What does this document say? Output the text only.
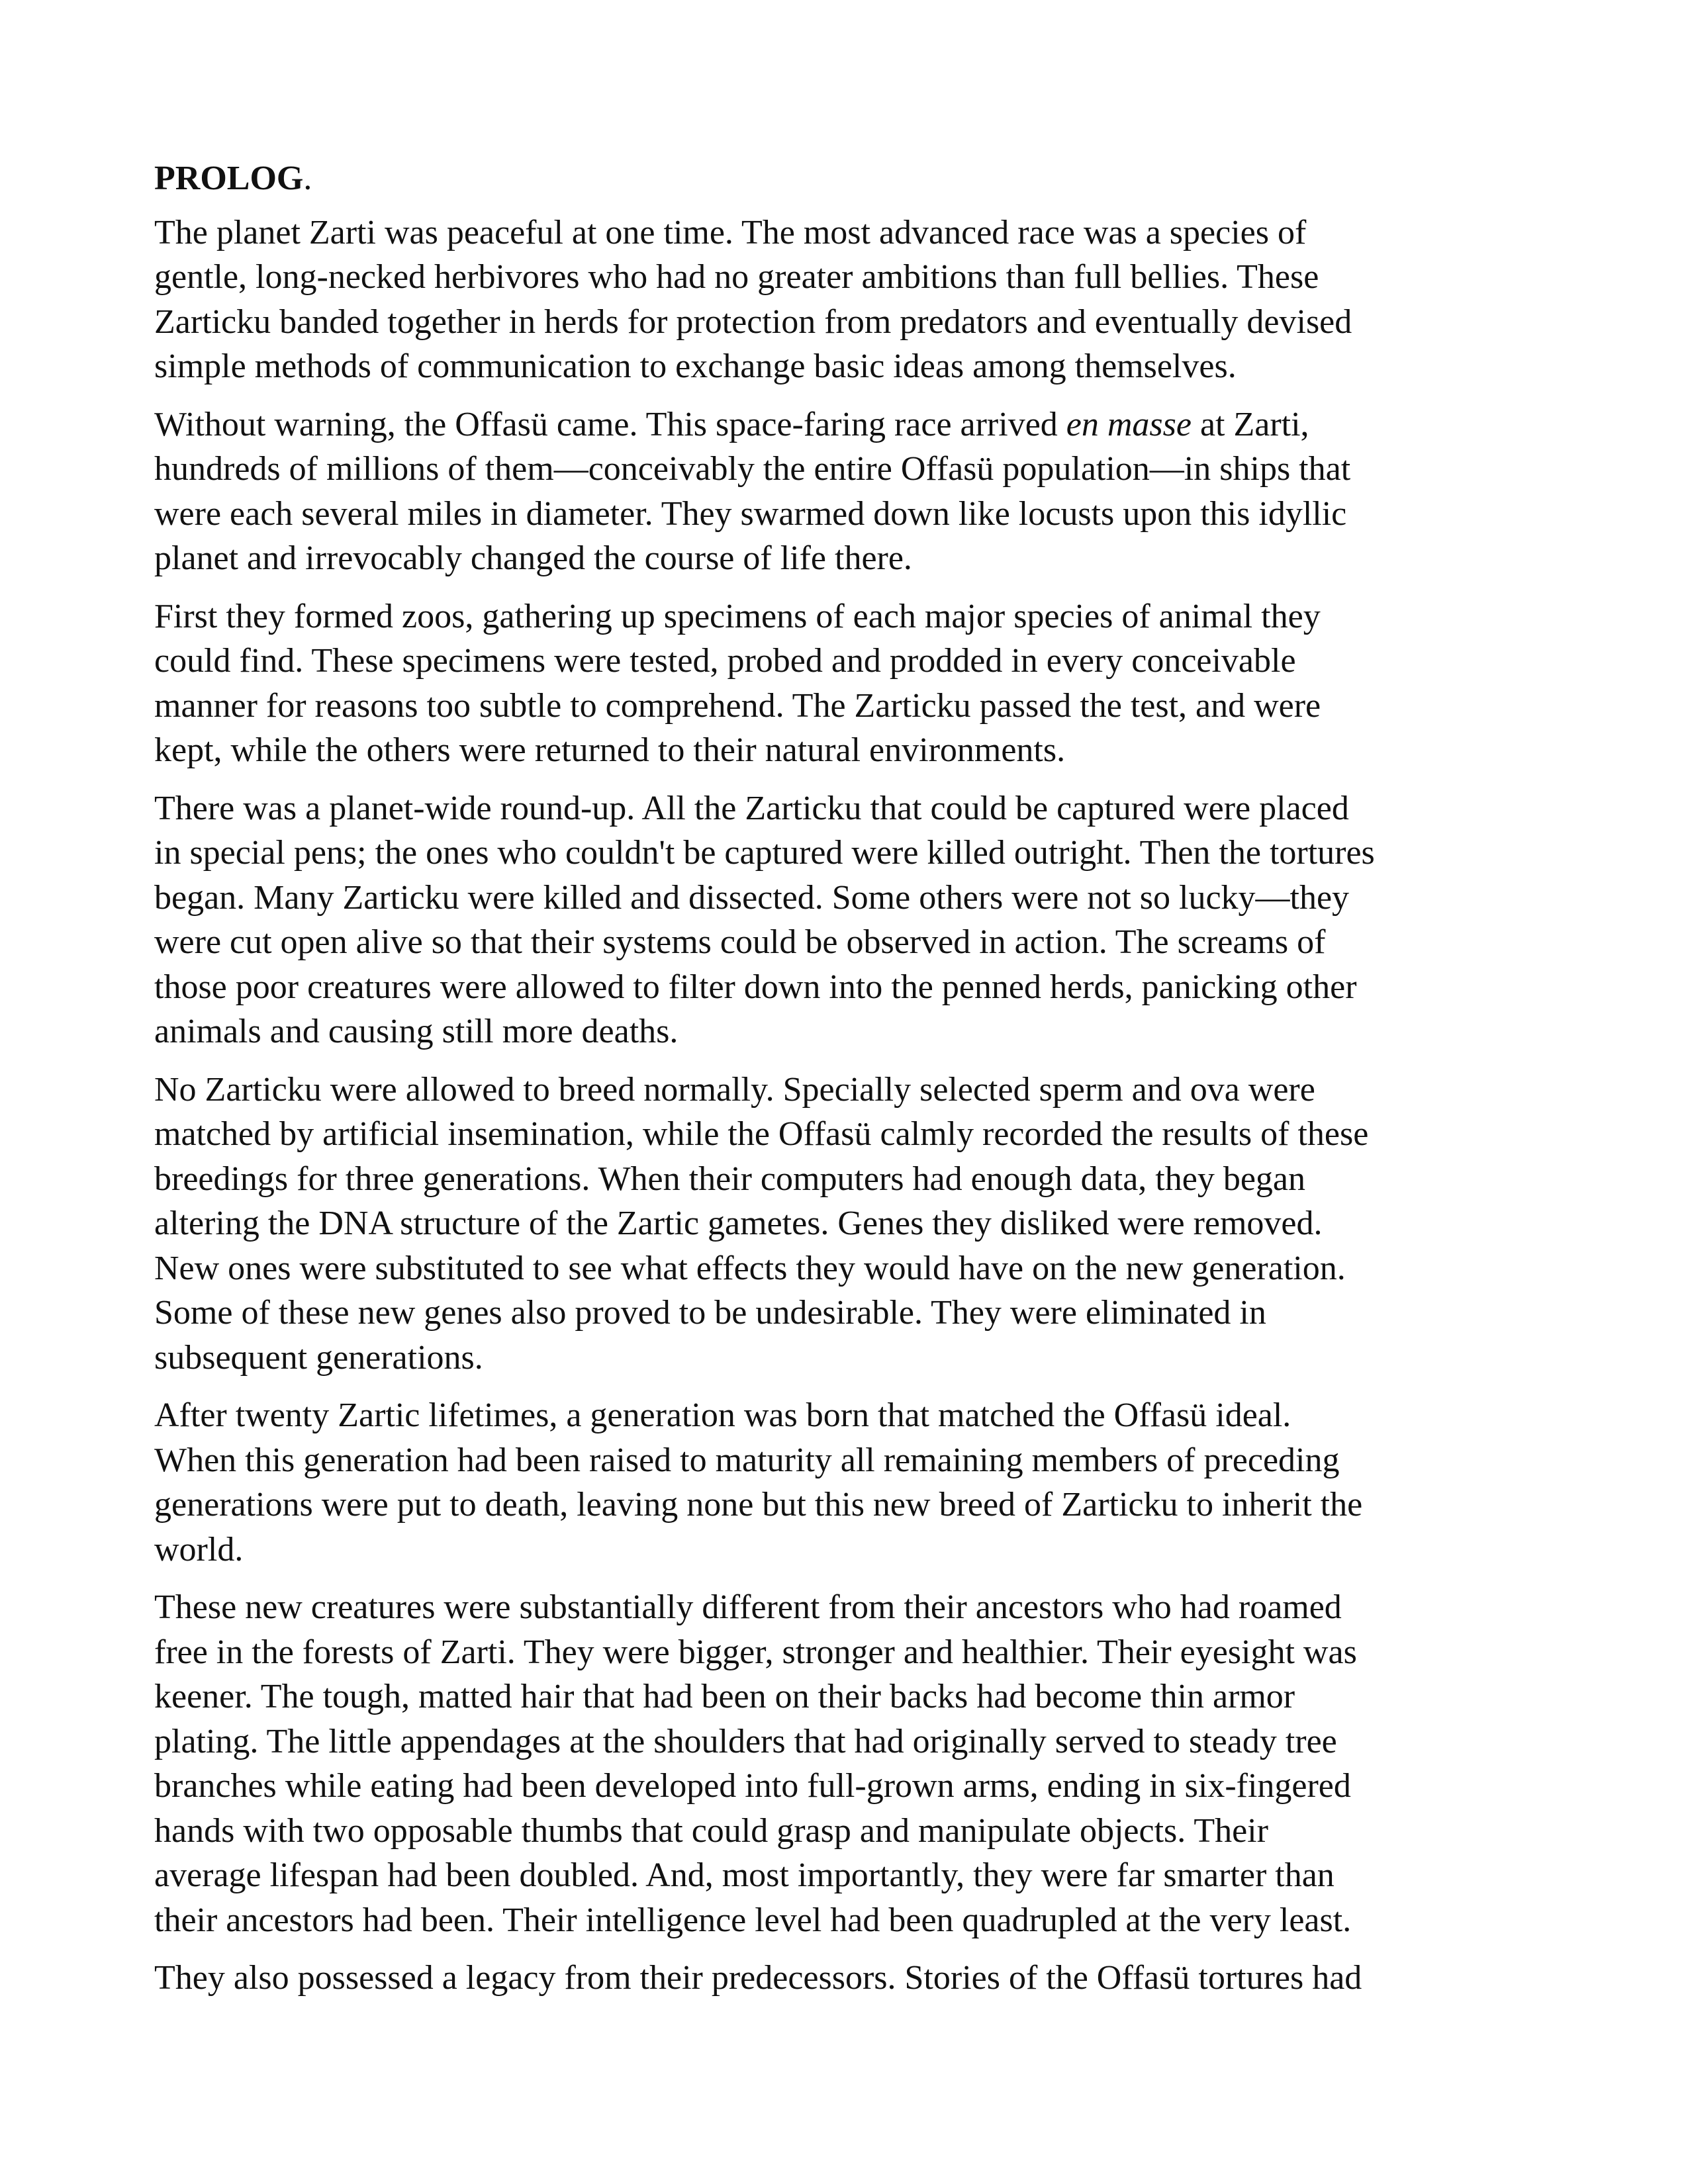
PROLOG.

The planet Zarti was peaceful at one time. The most advanced race was a species of
gentle, long-necked herbivores who had no greater ambitions than full bellies. These
Zarticku banded together in herds for protection from predators and eventually devised
simple methods of communication to exchange basic ideas among themselves.

Without warning, the Offasü came. This space-faring race arrived en masse at Zarti,
hundreds of millions of them—conceivably the entire Offasü population—in ships that
were each several miles in diameter. They swarmed down like locusts upon this idyllic
planet and irrevocably changed the course of life there.

First they formed zoos, gathering up specimens of each major species of animal they
could find. These specimens were tested, probed and prodded in every conceivable
manner for reasons too subtle to comprehend. The Zarticku passed the test, and were
kept, while the others were returned to their natural environments.

There was a planet-wide round-up. All the Zarticku that could be captured were placed
in special pens; the ones who couldn't be captured were killed outright. Then the tortures
began. Many Zarticku were killed and dissected. Some others were not so lucky—they
were cut open alive so that their systems could be observed in action. The screams of
those poor creatures were allowed to filter down into the penned herds, panicking other
animals and causing still more deaths.

No Zarticku were allowed to breed normally. Specially selected sperm and ova were
matched by artificial insemination, while the Offasü calmly recorded the results of these
breedings for three generations. When their computers had enough data, they began
altering the DNA structure of the Zartic gametes. Genes they disliked were removed.
New ones were substituted to see what effects they would have on the new generation.
Some of these new genes also proved to be undesirable. They were eliminated in
subsequent generations.

After twenty Zartic lifetimes, a generation was born that matched the Offasü ideal.
When this generation had been raised to maturity all remaining members of preceding
generations were put to death, leaving none but this new breed of Zarticku to inherit the
world.

These new creatures were substantially different from their ancestors who had roamed
free in the forests of Zarti. They were bigger, stronger and healthier. Their eyesight was
keener. The tough, matted hair that had been on their backs had become thin armor
plating. The little appendages at the shoulders that had originally served to steady tree
branches while eating had been developed into full-grown arms, ending in six-fingered
hands with two opposable thumbs that could grasp and manipulate objects. Their
average lifespan had been doubled. And, most importantly, they were far smarter than
their ancestors had been. Their intelligence level had been quadrupled at the very least.

They also possessed a legacy from their predecessors. Stories of the Offasü tortures had
